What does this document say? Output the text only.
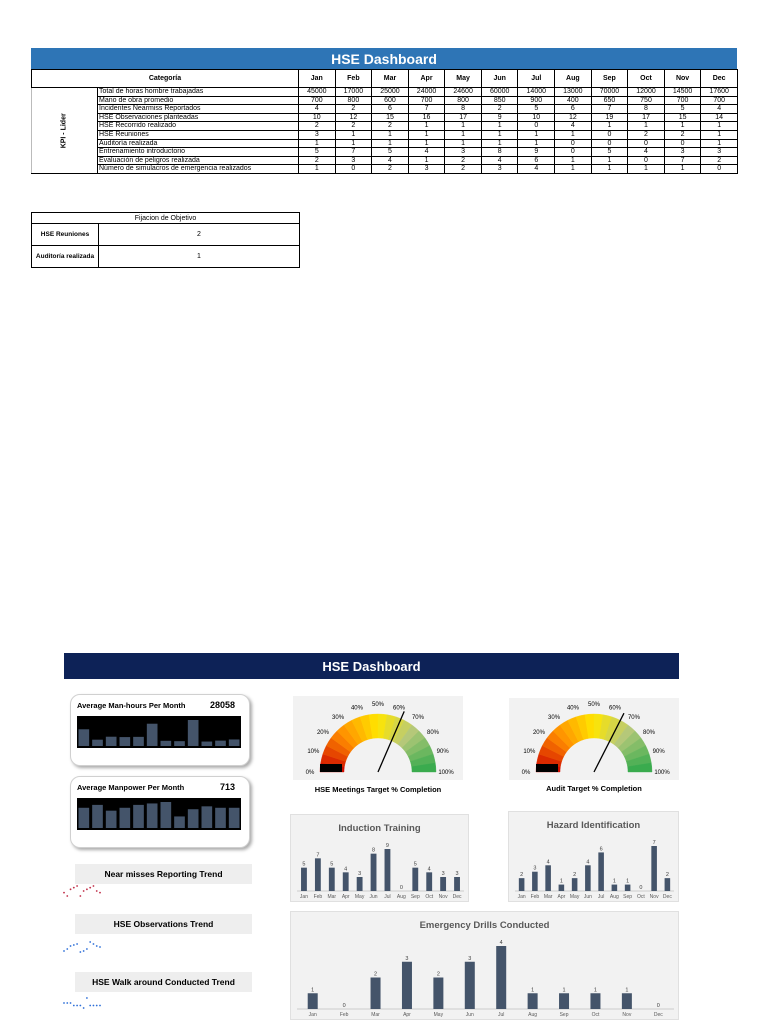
HSE Dashboard
Categoría		Jan	Feb	Mar	Apr	May	Jun	Jul	Aug	Sep	Oct	Nov	Dec
KPI - Lider	Total de horas hombre trabajadas	45000	17000	25000	24000	24600	60000	14000	13000	70000	12000	14500	17600
	Mano de obra promedio	700	800	600	700	800	850	900	400	650	750	700	700
	Incidentes Nearmiss Reportados	4	2	6	7	8	2	5	6	7	8	5	4
	HSE Observaciones planteadas	10	12	15	16	17	9	10	12	19	17	15	14
	HSE Recorrido realizado	2	2	2	1	1	1	0	4	1	1	1	1
	HSE Reuniones	3	1	1	1	1	1	1	1	0	2	2	1
	Auditoría realizada	1	1	1	1	1	1	1	0	0	0	0	1
	Entrenamiento introductorio	5	7	5	4	3	8	9	0	5	4	3	3
	Evaluación de peligros realizada	2	3	4	1	2	4	6	1	1	0	7	2
	Número de simulacros de emergencia realizados	1	0	2	3	2	3	4	1	1	1	1	0
Fijacion de Objetivo	
HSE Reuniones	2
Auditoría realizada	1
HSE Dashboard
Average Man-hours Per Month	28058
Average Manpower Per Month	713
Near misses Reporting Trend
HSE Observations Trend
HSE Walk around Conducted Trend
0%
10%
20%
30%
40%
50%
60%
70%
80%
90%
100%
HSE Meetings Target % Completion
0%
10%
20%
30%
40%
50%
60%
70%
80%
90%
100%
Audit Target % Completion
Induction Training
5
Jan
7
Feb
5
Mar
4
Apr
3
May
8
Jun
9
Jul
0
Aug
5
Sep
4
Oct
3
Nov
3
Dec
Hazard Identification
2
Jan
3
Feb
4
Mar
1
Apr
2
May
4
Jun
6
Jul
1
Aug
1
Sep
0
Oct
7
Nov
2
Dec
Emergency Drills Conducted
1
Jan
0
Feb
2
Mar
3
Apr
2
May
3
Jun
4
Jul
1
Aug
1
Sep
1
Oct
1
Nov
0
Dec
